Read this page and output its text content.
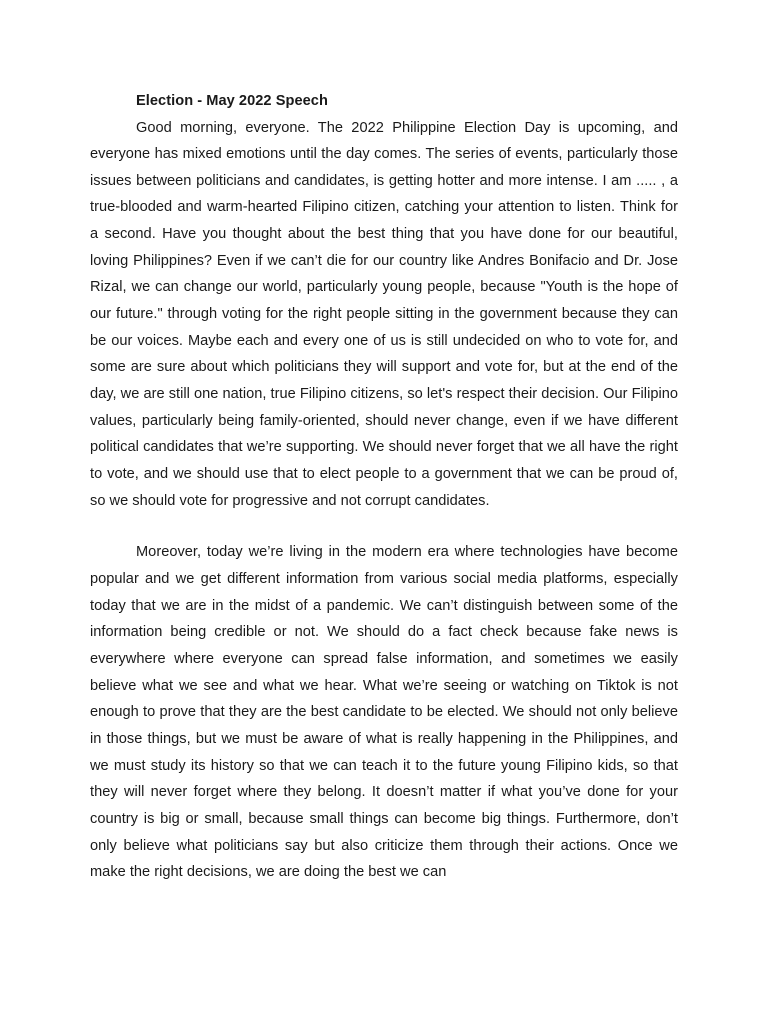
Election - May 2022 Speech

Good morning, everyone. The 2022 Philippine Election Day is upcoming, and everyone has mixed emotions until the day comes. The series of events, particularly those issues between politicians and candidates, is getting hotter and more intense. I am ..... , a true-blooded and warm-hearted Filipino citizen, catching your attention to listen. Think for a second. Have you thought about the best thing that you have done for our beautiful, loving Philippines? Even if we can’t die for our country like Andres Bonifacio and Dr. Jose Rizal, we can change our world, particularly young people, because "Youth is the hope of our future." through voting for the right people sitting in the government because they can be our voices. Maybe each and every one of us is still undecided on who to vote for, and some are sure about which politicians they will support and vote for, but at the end of the day, we are still one nation, true Filipino citizens, so let's respect their decision. Our Filipino values, particularly being family-oriented, should never change, even if we have different political candidates that we’re supporting. We should never forget that we all have the right to vote, and we should use that to elect people to a government that we can be proud of, so we should vote for progressive and not corrupt candidates.

Moreover, today we’re living in the modern era where technologies have become popular and we get different information from various social media platforms, especially today that we are in the midst of a pandemic. We can’t distinguish between some of the information being credible or not. We should do a fact check because fake news is everywhere where everyone can spread false information, and sometimes we easily believe what we see and what we hear. What we’re seeing or watching on Tiktok is not enough to prove that they are the best candidate to be elected. We should not only believe in those things, but we must be aware of what is really happening in the Philippines, and we must study its history so that we can teach it to the future young Filipino kids, so that they will never forget where they belong. It doesn’t matter if what you’ve done for your country is big or small, because small things can become big things. Furthermore, don’t only believe what politicians say but also criticize them through their actions. Once we make the right decisions, we are doing the best we can
